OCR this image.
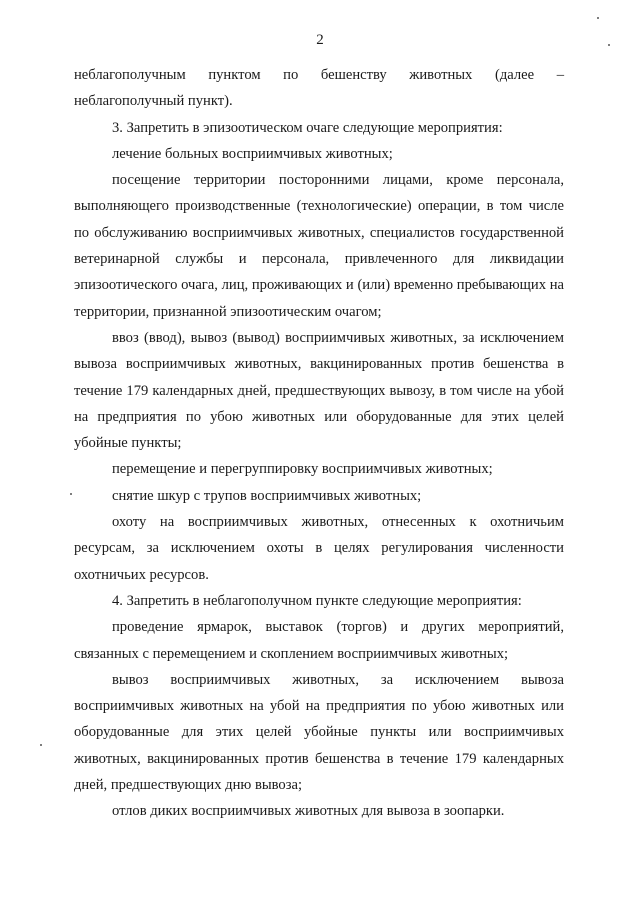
2

неблагополучным пунктом по бешенству животных (далее – неблагополучный пункт).

3. Запретить в эпизоотическом очаге следующие мероприятия:

лечение больных восприимчивых животных;

посещение территории посторонними лицами, кроме персонала, выполняющего производственные (технологические) операции, в том числе по обслуживанию восприимчивых животных, специалистов государственной ветеринарной службы и персонала, привлеченного для ликвидации эпизоотического очага, лиц, проживающих и (или) временно пребывающих на территории, признанной эпизоотическим очагом;

ввоз (ввод), вывоз (вывод) восприимчивых животных, за исключением вывоза восприимчивых животных, вакцинированных против бешенства в течение 179 календарных дней, предшествующих вывозу, в том числе на убой на предприятия по убою животных или оборудованные для этих целей убойные пункты;

перемещение и перегруппировку восприимчивых животных;

снятие шкур с трупов восприимчивых животных;

охоту на восприимчивых животных, отнесенных к охотничьим ресурсам, за исключением охоты в целях регулирования численности охотничьих ресурсов.

4. Запретить в неблагополучном пункте следующие мероприятия:

проведение ярмарок, выставок (торгов) и других мероприятий, связанных с перемещением и скоплением восприимчивых животных;

вывоз восприимчивых животных, за исключением вывоза восприимчивых животных на убой на предприятия по убою животных или оборудованные для этих целей убойные пункты или восприимчивых животных, вакцинированных против бешенства в течение 179 календарных дней, предшествующих дню вывоза;

отлов диких восприимчивых животных для вывоза в зоопарки.
